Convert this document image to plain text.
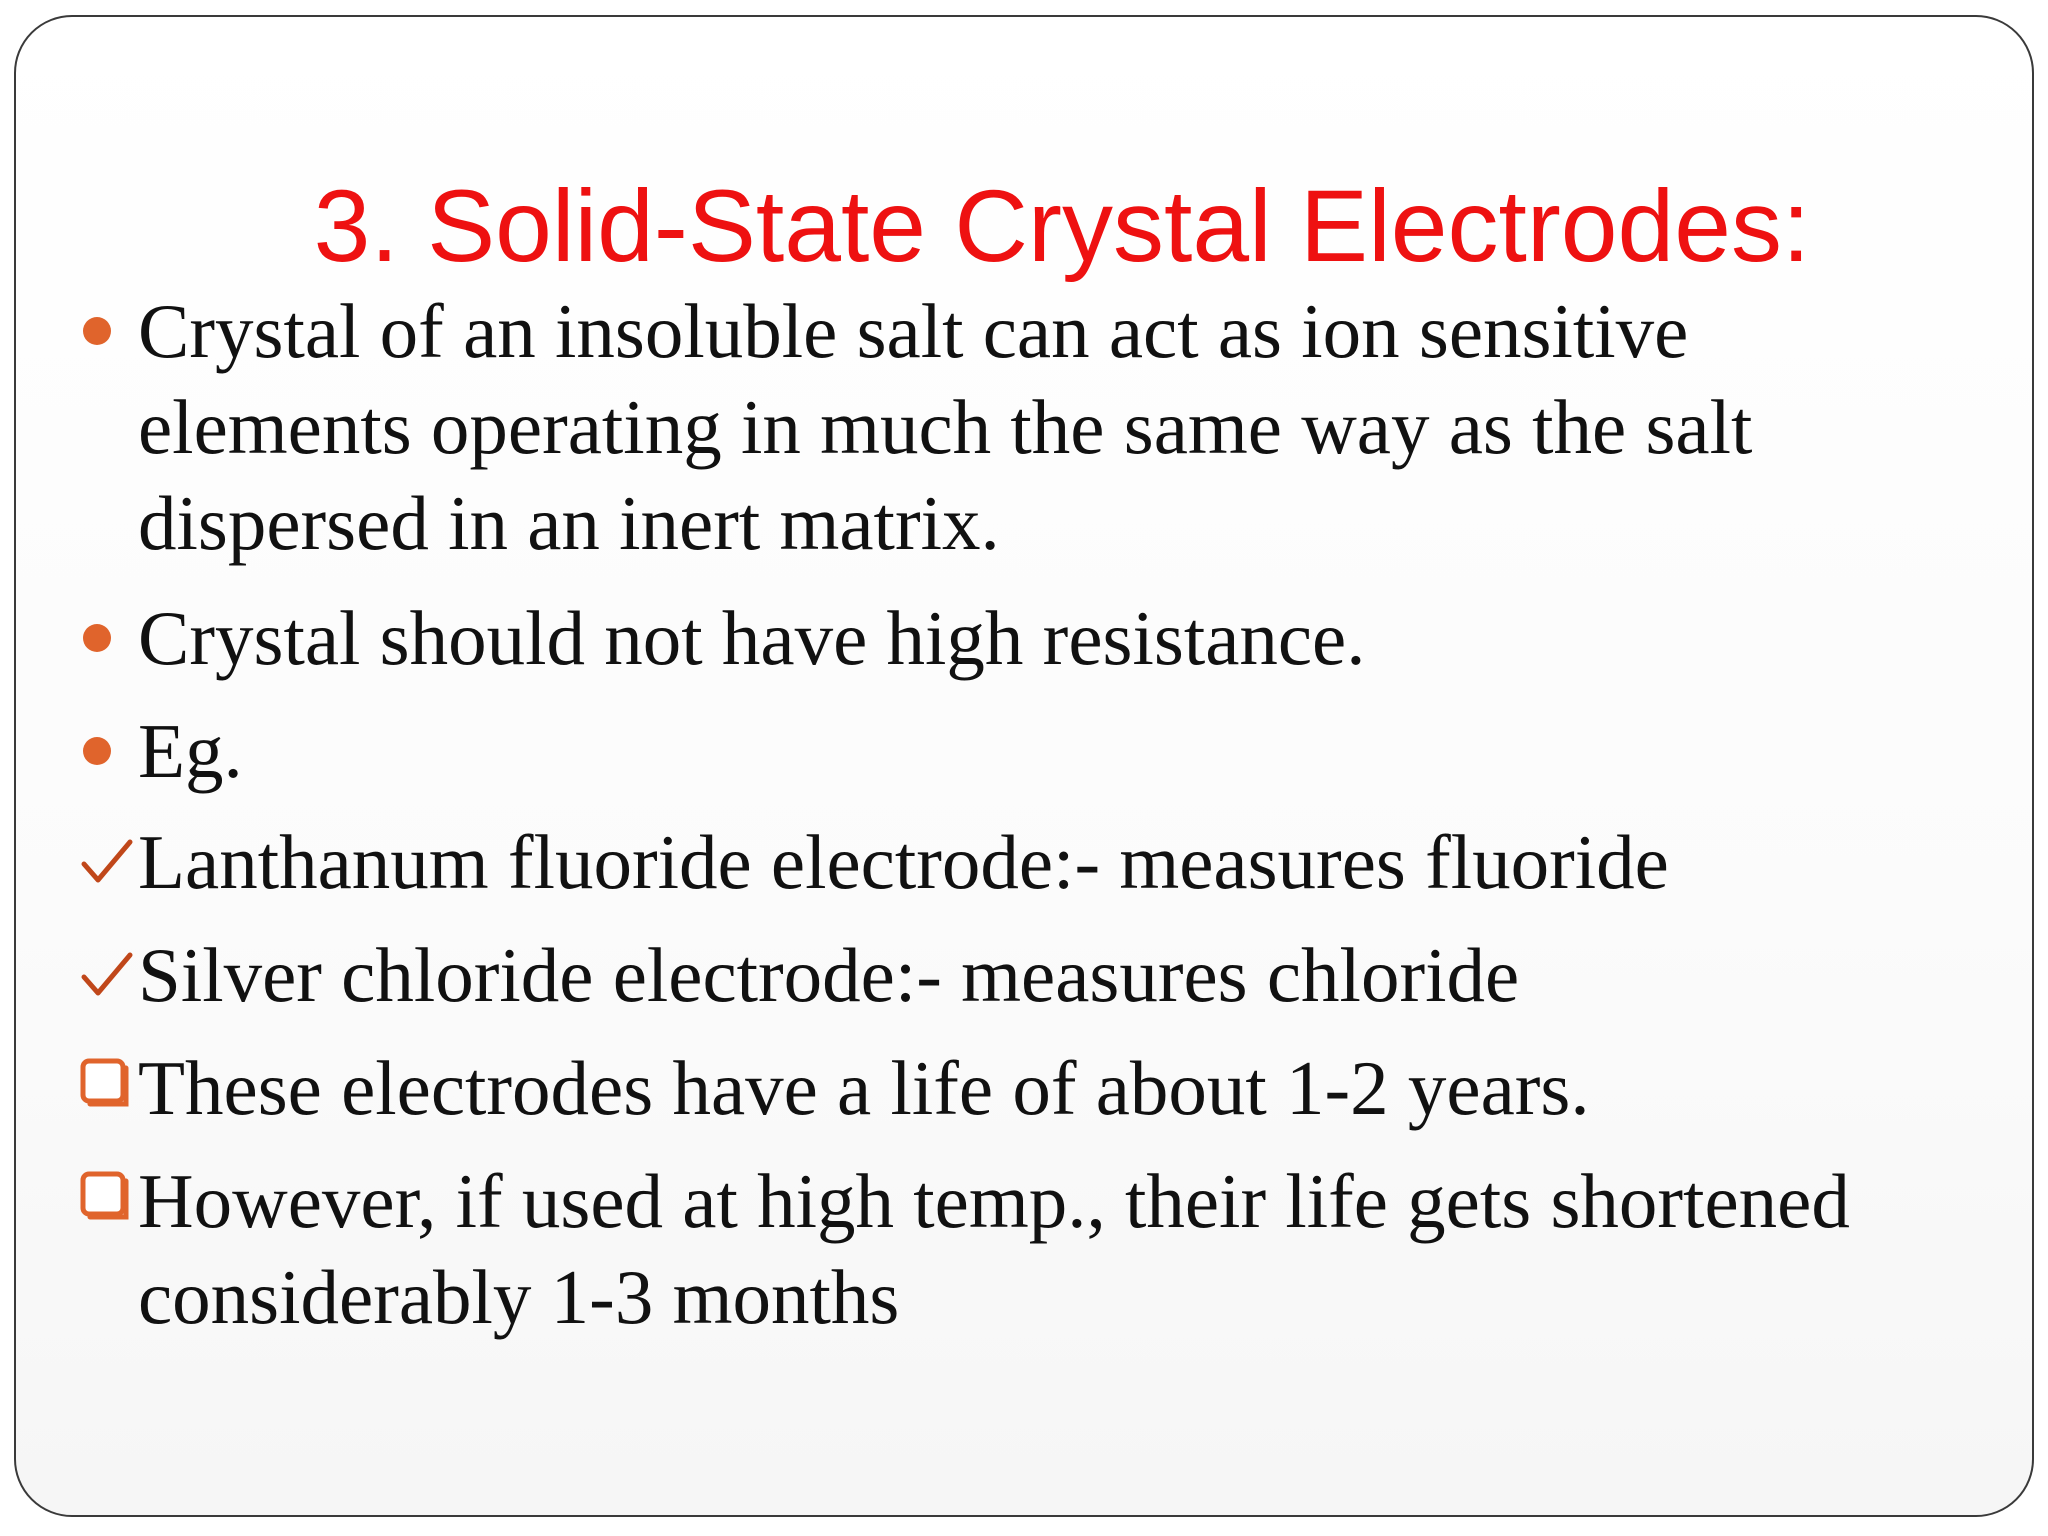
3. Solid-State Crystal Electrodes:
Crystal of an insoluble salt can act as ion sensitive
elements operating in much the same way as the salt
dispersed in an inert matrix.
Crystal should not have high resistance.
Eg.
Lanthanum fluoride electrode:- measures fluoride
Silver chloride electrode:- measures chloride
These electrodes have a life of about 1-2 years.
However, if used at high temp., their life gets shortened
considerably 1-3 months
